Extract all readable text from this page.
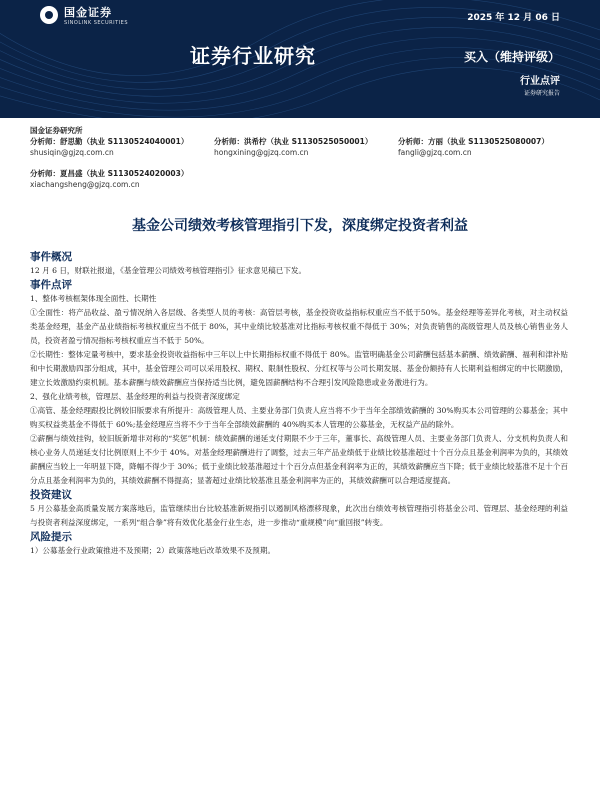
国金证券
SINOLINK SECURITIES	2025 年 12 月 06 日
证券行业研究	买入（维持评级）
行业点评
证券研究报告
国金证券研究所
分析师：舒思勤（执业 S1130524040001）
shusiqin@gjzq.com.cn
分析师：洪希柠（执业 S1130525050001）
hongxining@gjzq.com.cn
分析师：方丽（执业 S1130525080007）
fangli@gjzq.com.cn
分析师：夏昌盛（执业 S1130524020003）
xiachangsheng@gjzq.com.cn
基金公司绩效考核管理指引下发，深度绑定投资者利益
事件概况

12 月 6 日，财联社报道，《基金管理公司绩效考核管理指引》征求意见稿已下发。

事件点评

1、整体考核框架体现全面性、长期性

①全面性：将产品收益、盈亏情况纳入各层级、各类型人员的考核：高管层考核，基金投资收益指标权重应当不低于50%。基金经理等差异化考核，对主动权益类基金经理，基金产品业绩指标考核权重应当不低于 80%，其中业绩比较基准对比指标考核权重不得低于 30%；对负责销售的高级管理人员及核心销售业务人员，投资者盈亏情况指标考核权重应当不低于 50%。

②长期性：整体定量考核中，要求基金投资收益指标中三年以上中长期指标权重不得低于 80%。监管明确基金公司薪酬包括基本薪酬、绩效薪酬、福利和津补贴和中长期激励四部分组成，其中，基金管理公司可以采用股权、期权、限制性股权、分红权等与公司长期发展、基金份额持有人长期利益相绑定的中长期激励，建立长效激励约束机制。基本薪酬与绩效薪酬应当保持适当比例，避免固薪酬结构不合理引发风险隐患或业务激进行为。

2、强化业绩考核，管理层、基金经理的利益与投资者深度绑定

①高管、基金经理跟投比例较旧版要求有所提升：高级管理人员、主要业务部门负责人应当将不少于当年全部绩效薪酬的 30%购买本公司管理的公募基金；其中购买权益类基金不得低于 60%;基金经理应当将不少于当年全部绩效薪酬的 40%购买本人管理的公募基金，无权益产品的除外。

②薪酬与绩效挂钩，较旧版新增非对称的“奖惩”机制：绩效薪酬的递延支付期限不少于三年，董事长、高级管理人员、主要业务部门负责人、分支机构负责人和核心业务人员递延支付比例原则上不少于 40%。对基金经理薪酬进行了调整，过去三年产品业绩低于业绩比较基准超过十个百分点且基金利润率为负的，其绩效薪酬应当较上一年明显下降，降幅不得少于 30%；低于业绩比较基准超过十个百分点但基金利润率为正的，其绩效薪酬应当下降；低于业绩比较基准不足十个百分点且基金利润率为负的，其绩效薪酬不得提高；显著超过业绩比较基准且基金利润率为正的，其绩效薪酬可以合理适度提高。

投资建议

5 月公募基金高质量发展方案落地后，监管继续出台比较基准新规指引以遏制风格漂移现象，此次出台绩效考核管理指引将基金公司、管理层、基金经理的利益与投资者利益深度绑定，一系列“组合拳”将有效优化基金行业生态，进一步推动“重规模”向“重回报”转变。

风险提示

1）公募基金行业政策推进不及预期；2）政策落地后改革效果不及预期。
